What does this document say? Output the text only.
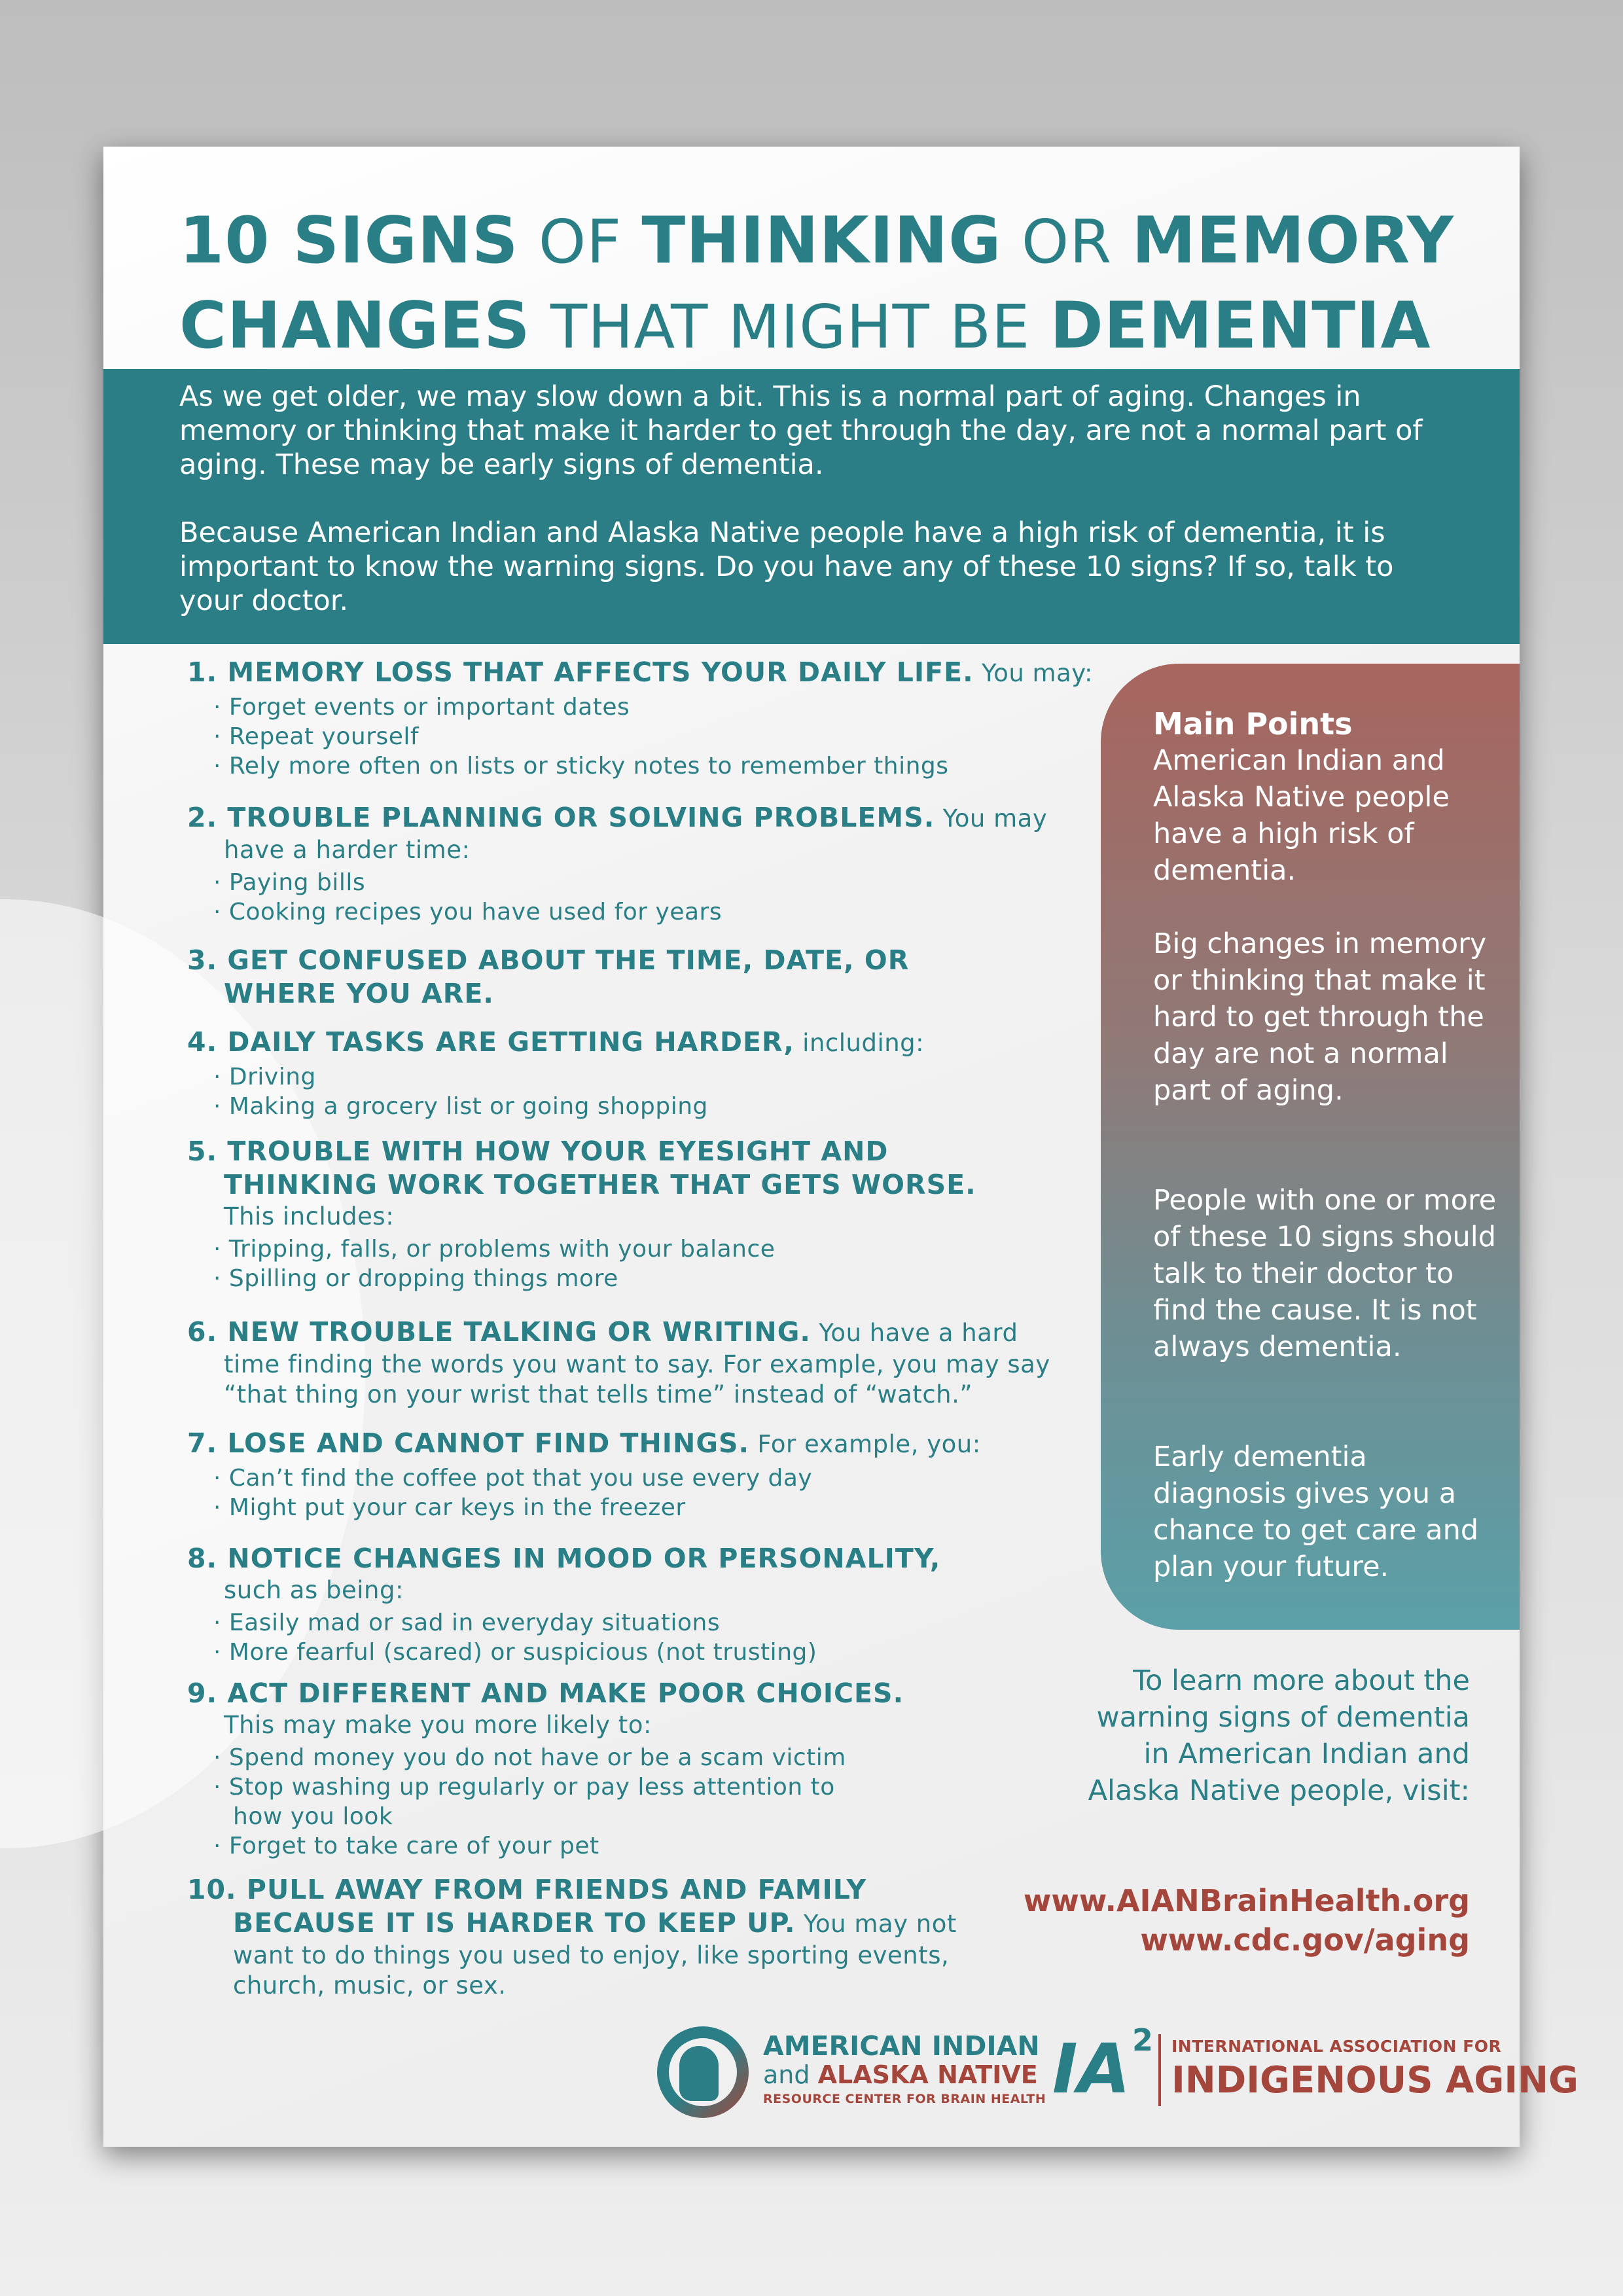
10 SIGNS OF THINKING OR MEMORY
CHANGES THAT MIGHT BE DEMENTIA

As we get older, we may slow down a bit. This is a normal part of aging. Changes in memory or thinking that make it harder to get through the day, are not a normal part of aging. These may be early signs of dementia.

Because American Indian and Alaska Native people have a high risk of dementia, it is important to know the warning signs. Do you have any of these 10 signs? If so, talk to your doctor.

1. MEMORY LOSS THAT AFFECTS YOUR DAILY LIFE. You may:
· Forget events or important dates
· Repeat yourself
· Rely more often on lists or sticky notes to remember things
2. TROUBLE PLANNING OR SOLVING PROBLEMS. You may
have a harder time:
· Paying bills
· Cooking recipes you have used for years
3. GET CONFUSED ABOUT THE TIME, DATE, OR
WHERE YOU ARE.
4. DAILY TASKS ARE GETTING HARDER, including:
· Driving
· Making a grocery list or going shopping
5. TROUBLE WITH HOW YOUR EYESIGHT AND
THINKING WORK TOGETHER THAT GETS WORSE.
This includes:
· Tripping, falls, or problems with your balance
· Spilling or dropping things more
6. NEW TROUBLE TALKING OR WRITING. You have a hard
time finding the words you want to say. For example, you may say
“that thing on your wrist that tells time” instead of “watch.”
7. LOSE AND CANNOT FIND THINGS. For example, you:
· Can’t find the coffee pot that you use every day
· Might put your car keys in the freezer
8. NOTICE CHANGES IN MOOD OR PERSONALITY,
such as being:
· Easily mad or sad in everyday situations
· More fearful (scared) or suspicious (not trusting)
9. ACT DIFFERENT AND MAKE POOR CHOICES.
This may make you more likely to:
· Spend money you do not have or be a scam victim
· Stop washing up regularly or pay less attention to
how you look
· Forget to take care of your pet
10. PULL AWAY FROM FRIENDS AND FAMILY
BECAUSE IT IS HARDER TO KEEP UP. You may not
want to do things you used to enjoy, like sporting events,
church, music, or sex.
Main Points

American Indian and Alaska Native people have a high risk of dementia.

Big changes in memory or thinking that make it hard to get through the day are not a normal part of aging.

People with one or more of these 10 signs should talk to their doctor to find the cause. It is not always dementia.

Early dementia diagnosis gives you a chance to get care and plan your future.

To learn more about the warning signs of dementia in American Indian and Alaska Native people, visit:
www.AIANBrainHealth.org
www.cdc.gov/aging
AMERICAN INDIAN
and ALASKA NATIVE
RESOURCE CENTER FOR BRAIN HEALTH IA 2 INTERNATIONAL ASSOCIATION FOR
INDIGENOUS AGING
